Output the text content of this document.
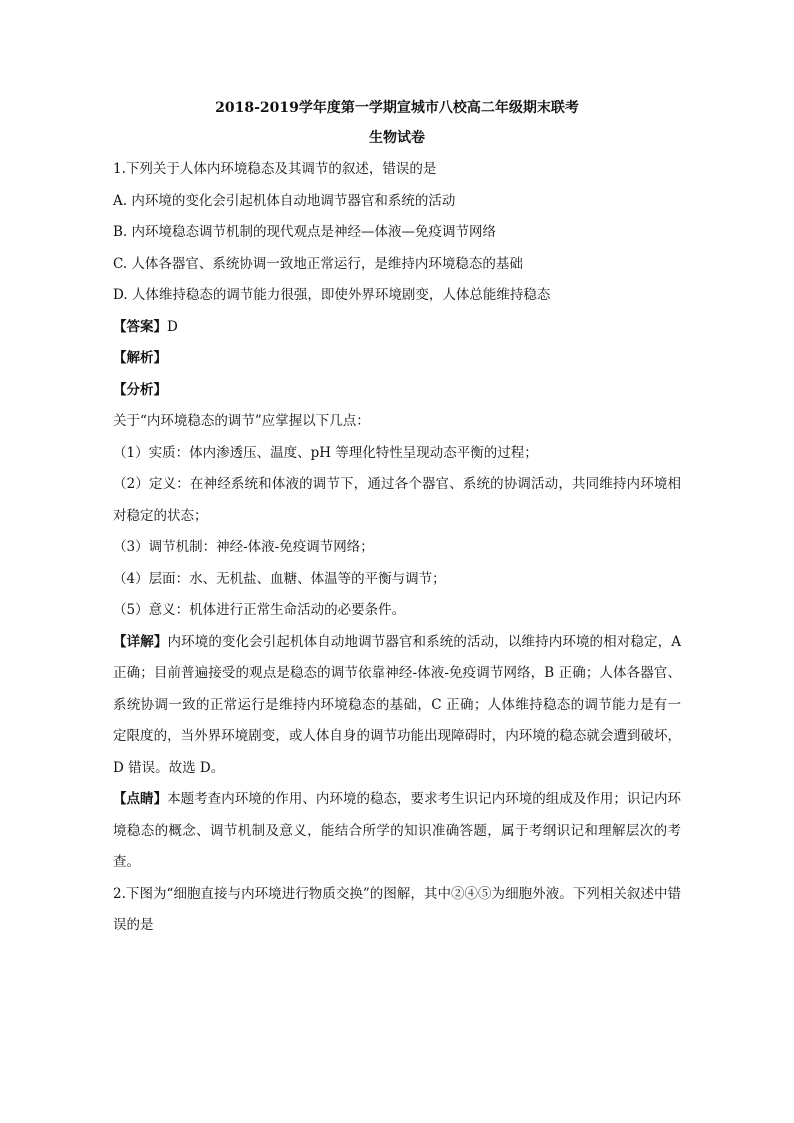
2018-2019学年度第一学期宣城市八校高二年级期末联考

生物试卷

1.下列关于人体内环境稳态及其调节的叙述，错误的是

A. 内环境的变化会引起机体自动地调节器官和系统的活动

B. 内环境稳态调节机制的现代观点是神经—体液—免疫调节网络

C. 人体各器官、系统协调一致地正常运行，是维持内环境稳态的基础

D. 人体维持稳态的调节能力很强，即使外界环境剧变，人体总能维持稳态

【答案】D

【解析】

【分析】

关于“内环境稳态的调节”应掌握以下几点：

（1）实质：体内渗透压、温度、pH 等理化特性呈现动态平衡的过程；

（2）定义：在神经系统和体液的调节下，通过各个器官、系统的协调活动，共同维持内环境相对稳定的状态；

（3）调节机制：神经-体液-免疫调节网络；

（4）层面：水、无机盐、血糖、体温等的平衡与调节；

（5）意义：机体进行正常生命活动的必要条件。

【详解】内环境的变化会引起机体自动地调节器官和系统的活动，以维持内环境的相对稳定，A 正确；目前普遍接受的观点是稳态的调节依靠神经-体液-免疫调节网络，B 正确；人体各器官、系统协调一致的正常运行是维持内环境稳态的基础，C 正确；人体维持稳态的调节能力是有一定限度的，当外界环境剧变，或人体自身的调节功能出现障碍时，内环境的稳态就会遭到破坏，D 错误。故选 D。

【点睛】本题考查内环境的作用、内环境的稳态，要求考生识记内环境的组成及作用；识记内环境稳态的概念、调节机制及意义，能结合所学的知识准确答题，属于考纲识记和理解层次的考查。

2.下图为“细胞直接与内环境进行物质交换”的图解，其中②④⑤为细胞外液。下列相关叙述中错误的是
